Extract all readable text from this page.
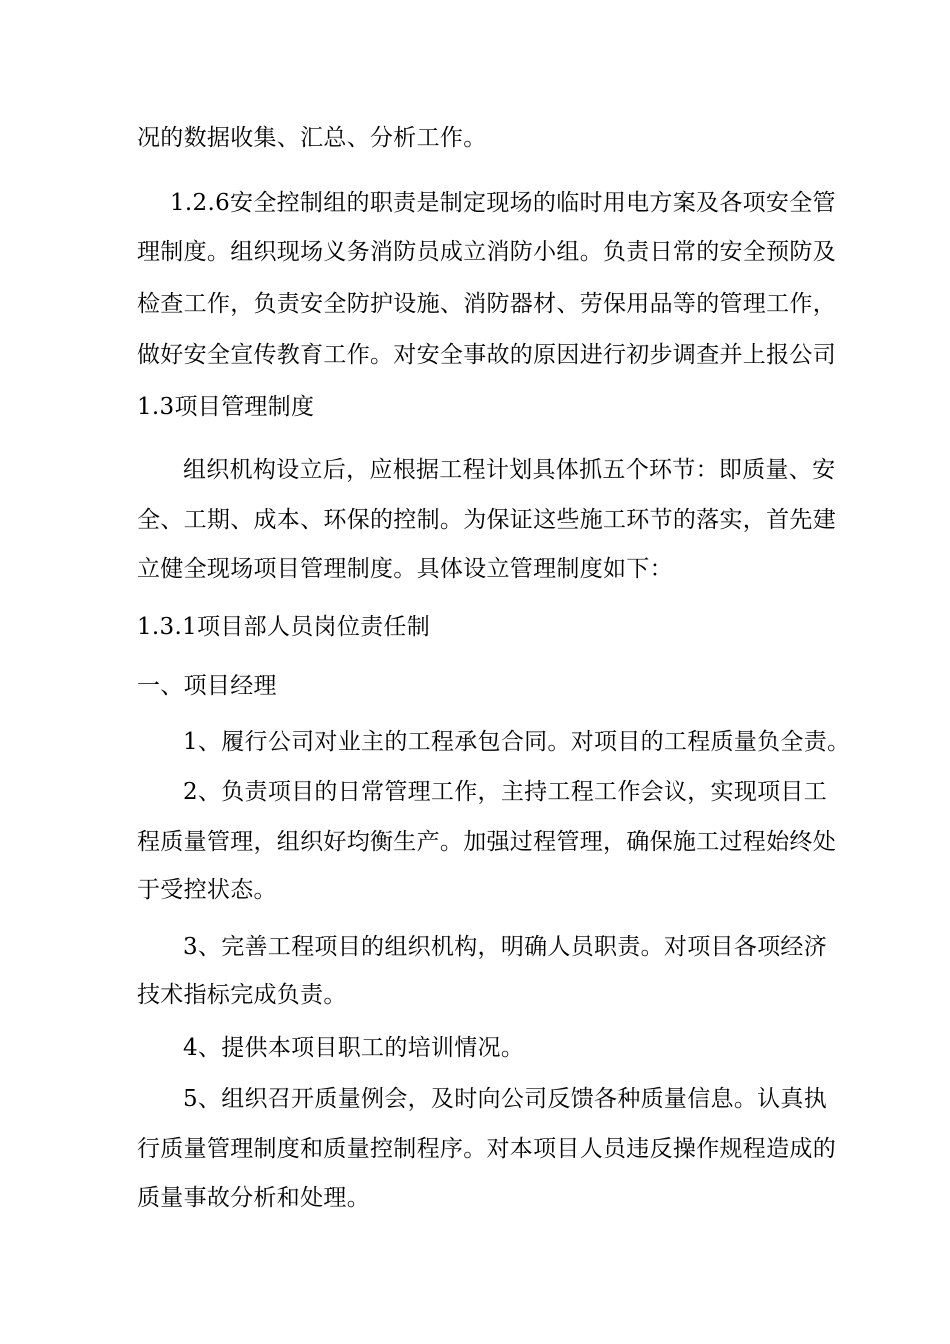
况的数据收集、汇总、分析工作。
1.2.6安全控制组的职责是制定现场的临时用电方案及各项安全管
理制度。组织现场义务消防员成立消防小组。负责日常的安全预防及
检查工作，负责安全防护设施、消防器材、劳保用品等的管理工作，
做好安全宣传教育工作。对安全事故的原因进行初步调查并上报公司
1.3项目管理制度
组织机构设立后，应根据工程计划具体抓五个环节：即质量、安
全、工期、成本、环保的控制。为保证这些施工环节的落实，首先建
立健全现场项目管理制度。具体设立管理制度如下：
1.3.1项目部人员岗位责任制
一、项目经理
1、履行公司对业主的工程承包合同。对项目的工程质量负全责。
2、负责项目的日常管理工作，主持工程工作会议，实现项目工
程质量管理，组织好均衡生产。加强过程管理，确保施工过程始终处
于受控状态。
3、完善工程项目的组织机构，明确人员职责。对项目各项经济
技术指标完成负责。
4、提供本项目职工的培训情况。
5、组织召开质量例会，及时向公司反馈各种质量信息。认真执
行质量管理制度和质量控制程序。对本项目人员违反操作规程造成的
质量事故分析和处理。
